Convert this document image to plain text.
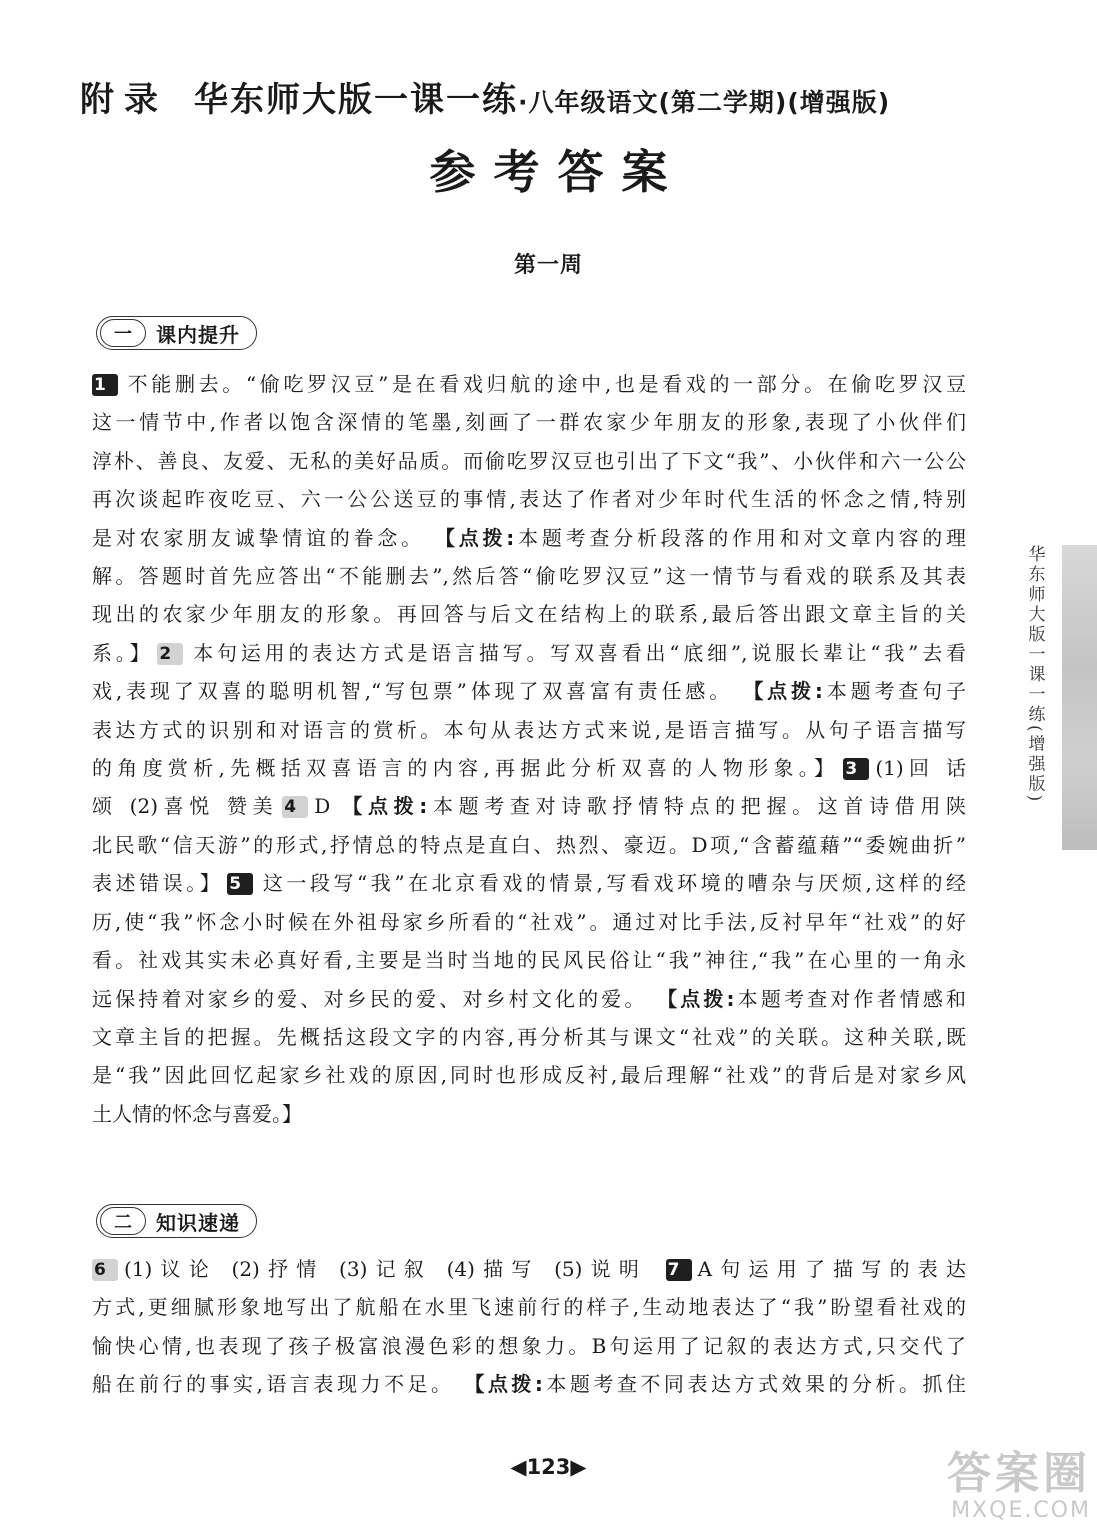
附录 华东师大版一课一练 ·八年级语文(第二学期)(增强版)
参考答案
第一周
一	课内提升

1 不能删去。“偷吃罗汉豆”是在看戏归航的途中,也是看戏的一部分。在偷吃罗汉豆

这一情节中,作者以饱含深情的笔墨,刻画了一群农家少年朋友的形象,表现了小伙伴们

淳朴、善良、友爱、无私的美好品质。而偷吃罗汉豆也引出了下文“我”、小伙伴和六一公公

再次谈起昨夜吃豆、六一公公送豆的事情,表达了作者对少年时代生活的怀念之情,特别

是对农家朋友诚挚情谊的眷念。 【点拨:本题考查分析段落的作用和对文章内容的理

解。答题时首先应答出“不能删去”,然后答“偷吃罗汉豆”这一情节与看戏的联系及其表

现出的农家少年朋友的形象。再回答与后文在结构上的联系,最后答出跟文章主旨的关

系。】 2 本句运用的表达方式是语言描写。写双喜看出“底细”,说服长辈让“我”去看

戏,表现了双喜的聪明机智,“写包票”体现了双喜富有责任感。 【点拨:本题考查句子

表达方式的识别和对语言的赏析。本句从表达方式来说,是语言描写。从句子语言描写

的角度赏析,先概括双喜语言的内容,再据此分析双喜的人物形象。】 3 (1)回 话

颂 (2)喜悦 赞美 4 D 【点拨:本题考查对诗歌抒情特点的把握。这首诗借用陕

北民歌“信天游”的形式,抒情总的特点是直白、热烈、豪迈。D项,“含蓄蕴藉”“委婉曲折”

表述错误。】 5 这一段写“我”在北京看戏的情景,写看戏环境的嘈杂与厌烦,这样的经

历,使“我”怀念小时候在外祖母家乡所看的“社戏”。通过对比手法,反衬早年“社戏”的好

看。社戏其实未必真好看,主要是当时当地的民风民俗让“我”神往,“我”在心里的一角永

远保持着对家乡的爱、对乡民的爱、对乡村文化的爱。 【点拨:本题考查对作者情感和

文章主旨的把握。先概括这段文字的内容,再分析其与课文“社戏”的关联。这种关联,既

是“我”因此回忆起家乡社戏的原因,同时也形成反衬,最后理解“社戏”的背后是对家乡风

土人情的怀念与喜爱。】

二	知识速递

6 (1)议论 (2)抒情 (3)记叙 (4)描写 (5)说明 7 A句运用了描写的表达

方式,更细腻形象地写出了航船在水里飞速前行的样子,生动地表达了“我”盼望看社戏的

愉快心情,也表现了孩子极富浪漫色彩的想象力。B句运用了记叙的表达方式,只交代了

船在前行的事实,语言表现力不足。 【点拨:本题考查不同表达方式效果的分析。抓住

◀123▶
华东师大版一课一练(增强版)
答案圈
MXQE.COM
